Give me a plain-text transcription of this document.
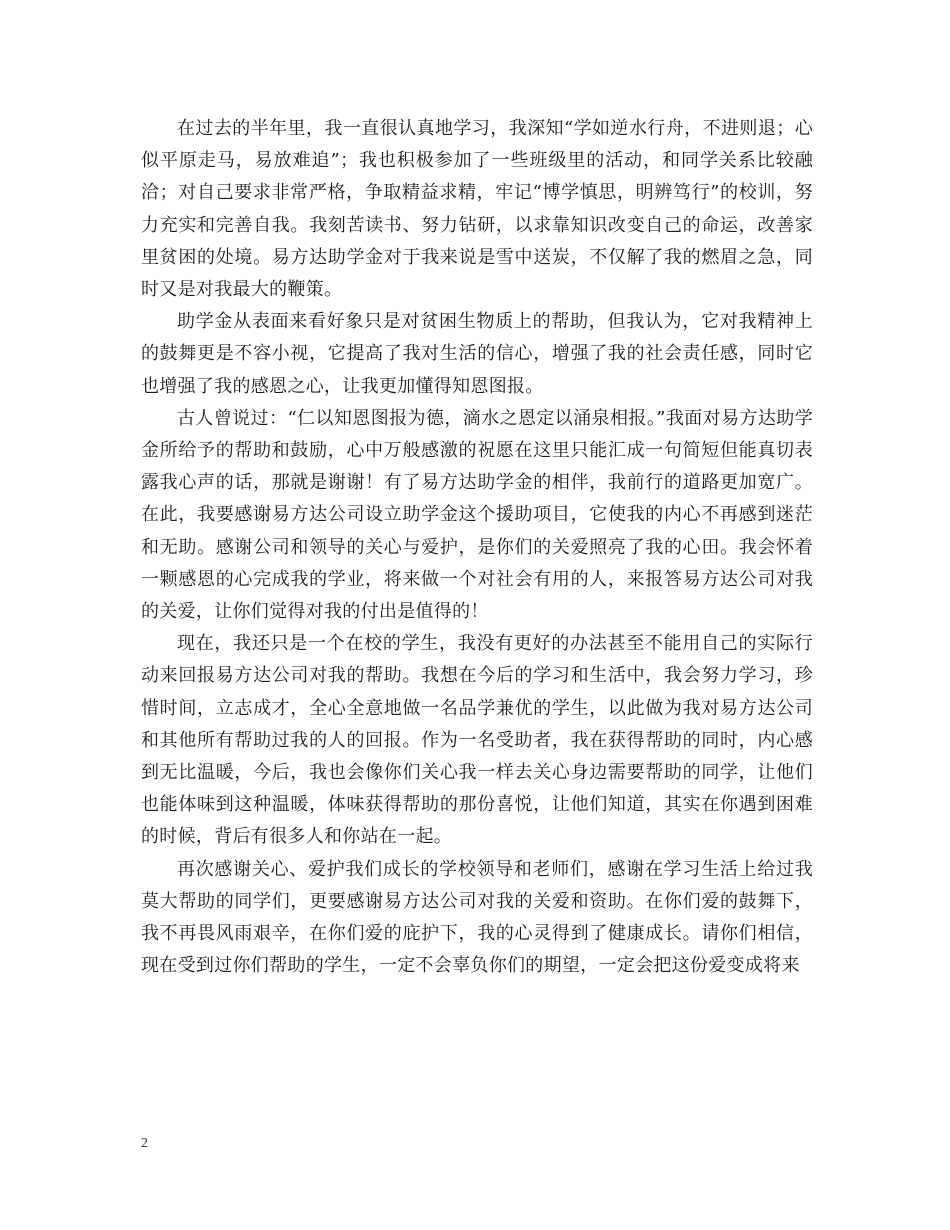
在过去的半年里，我一直很认真地学习，我深知“学如逆水行舟，不进则退；心似平原走马，易放难追”；我也积极参加了一些班级里的活动，和同学关系比较融洽；对自己要求非常严格，争取精益求精，牢记“博学慎思，明辨笃行”的校训，努力充实和完善自我。我刻苦读书、努力钻研，以求靠知识改变自己的命运，改善家里贫困的处境。易方达助学金对于我来说是雪中送炭，不仅解了我的燃眉之急，同时又是对我最大的鞭策。

助学金从表面来看好象只是对贫困生物质上的帮助，但我认为，它对我精神上的鼓舞更是不容小视，它提高了我对生活的信心，增强了我的社会责任感，同时它也增强了我的感恩之心，让我更加懂得知恩图报。

古人曾说过：“仁以知恩图报为德，滴水之恩定以涌泉相报。”我面对易方达助学金所给予的帮助和鼓励，心中万般感激的祝愿在这里只能汇成一句简短但能真切表露我心声的话，那就是谢谢！有了易方达助学金的相伴，我前行的道路更加宽广。在此，我要感谢易方达公司设立助学金这个援助项目，它使我的内心不再感到迷茫和无助。感谢公司和领导的关心与爱护，是你们的关爱照亮了我的心田。我会怀着一颗感恩的心完成我的学业，将来做一个对社会有用的人，来报答易方达公司对我的关爱，让你们觉得对我的付出是值得的！

现在，我还只是一个在校的学生，我没有更好的办法甚至不能用自己的实际行动来回报易方达公司对我的帮助。我想在今后的学习和生活中，我会努力学习，珍惜时间，立志成才，全心全意地做一名品学兼优的学生，以此做为我对易方达公司和其他所有帮助过我的人的回报。作为一名受助者，我在获得帮助的同时，内心感到无比温暖，今后，我也会像你们关心我一样去关心身边需要帮助的同学，让他们也能体味到这种温暖，体味获得帮助的那份喜悦，让他们知道，其实在你遇到困难的时候，背后有很多人和你站在一起。

再次感谢关心、爱护我们成长的学校领导和老师们，感谢在学习生活上给过我莫大帮助的同学们，更要感谢易方达公司对我的关爱和资助。在你们爱的鼓舞下，我不再畏风雨艰辛，在你们爱的庇护下，我的心灵得到了健康成长。请你们相信，现在受到过你们帮助的学生，一定不会辜负你们的期望，一定会把这份爱变成将来

2
